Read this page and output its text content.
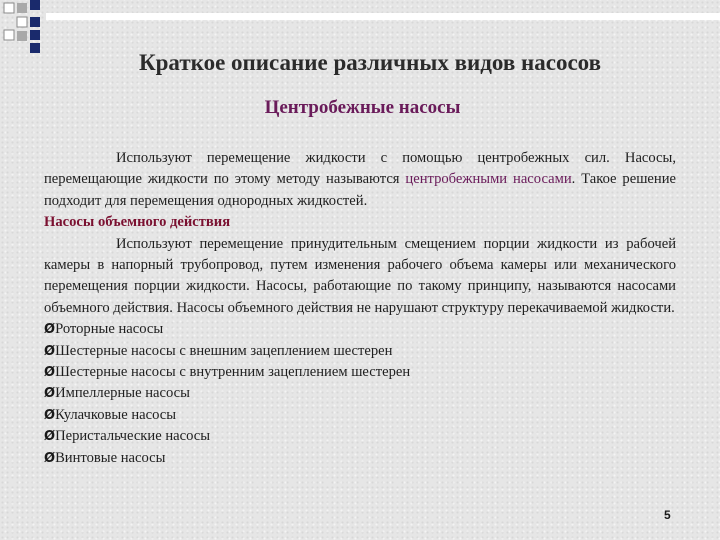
Краткое описание различных видов насосов
Центробежные насосы

Используют перемещение жидкости с помощью центробежных сил. Насосы, перемещающие жидкости по этому методу называются центробежными насосами. Такое решение подходит для перемещения однородных жидкостей.

Насосы объемного действия

Используют перемещение принудительным смещением порции жидкости из рабочей камеры в напорный трубопровод, путем изменения рабочего объема камеры или механического перемещения порции жидкости. Насосы, работающие по такому принципу, называются насосами объемного действия. Насосы объемного действия не нарушают структуру перекачиваемой жидкости.

ØРоторные насосы
ØШестерные насосы с внешним зацеплением шестерен
ØШестерные насосы с внутренним зацеплением шестерен
ØИмпеллерные насосы
ØКулачковые насосы
ØПеристальческие насосы
ØВинтовые насосы
5
